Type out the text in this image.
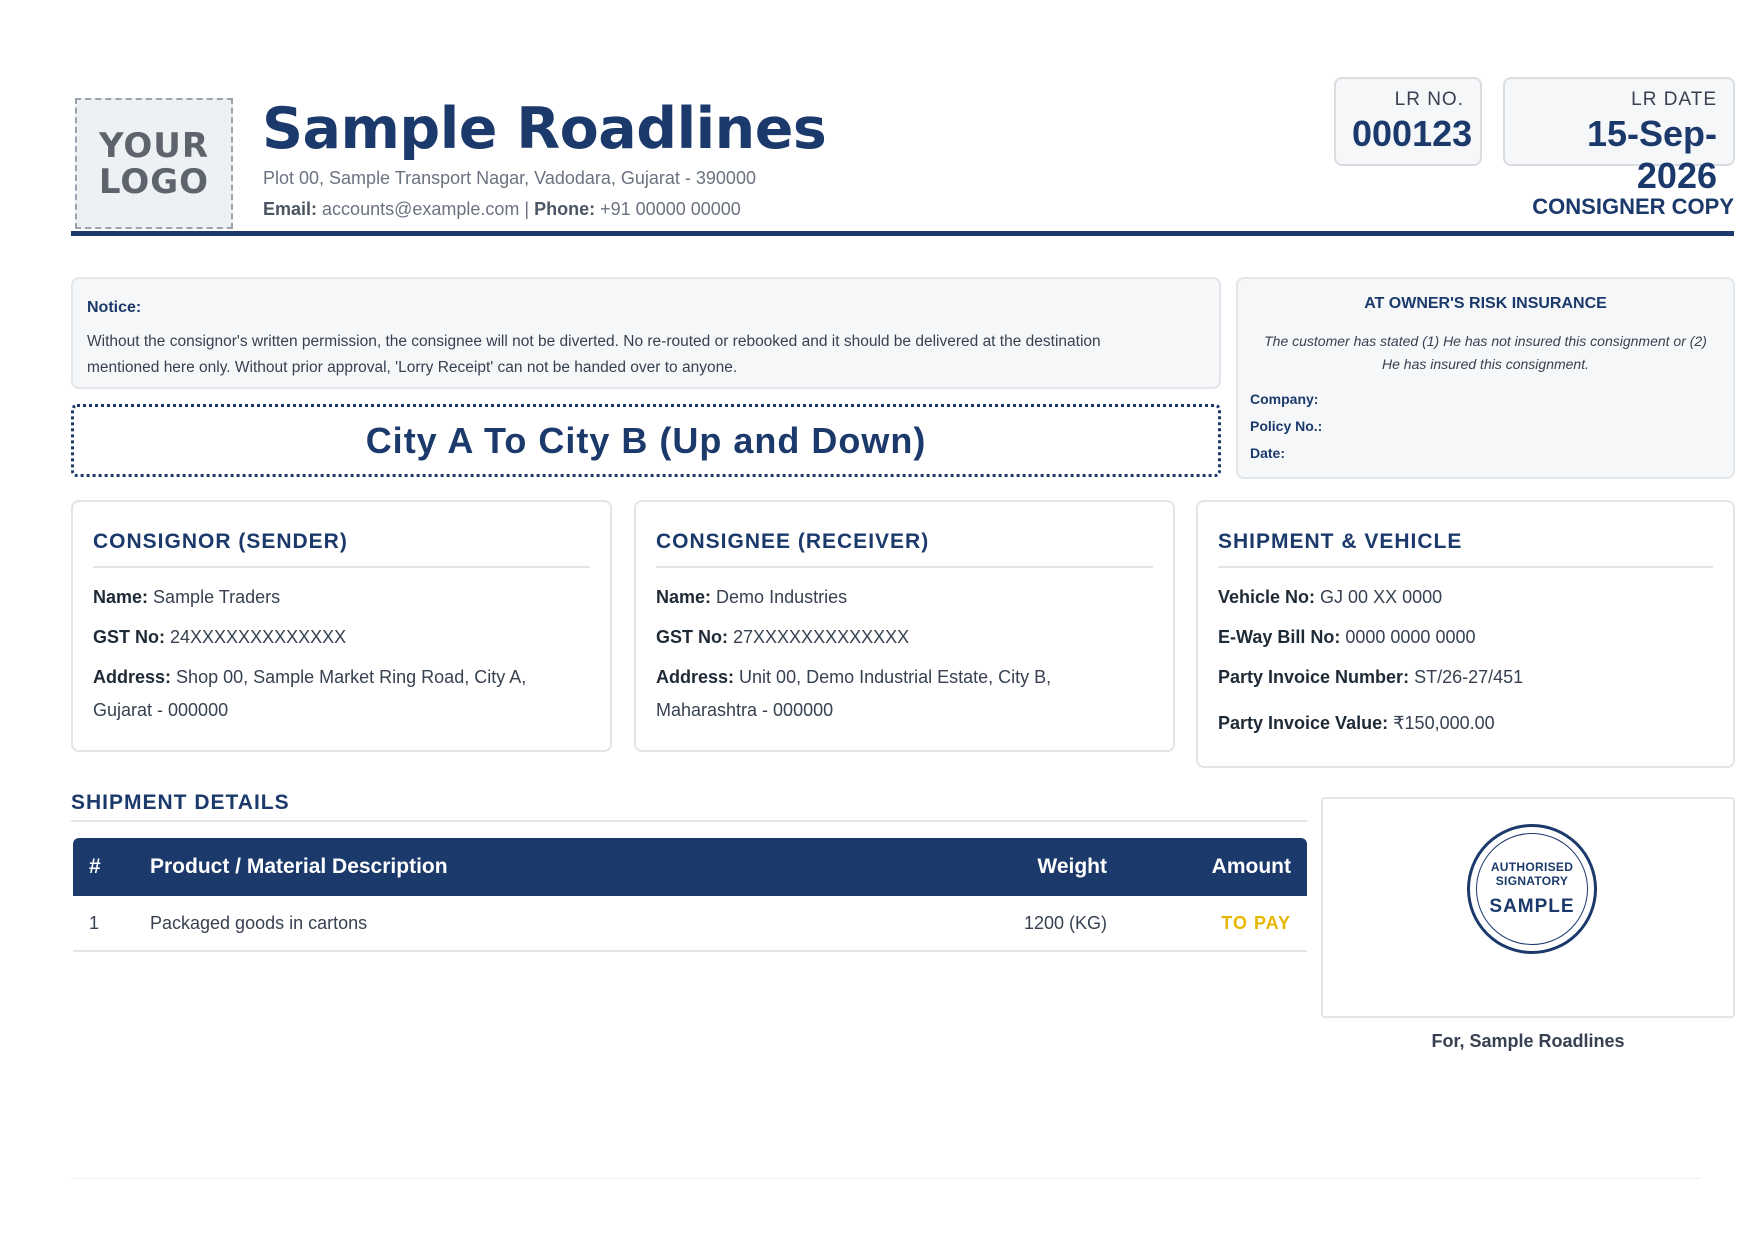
YOUR
LOGO
Sample Roadlines
Plot 00, Sample Transport Nagar, Vadodara, Gujarat - 390000
Email: accounts@example.com | Phone: +91 00000 00000
LR NO.
000123
LR DATE
15-Sep-2026
CONSIGNER COPY
Notice:
Without the consignor's written permission, the consignee will not be diverted. No re-routed or rebooked and it should be delivered at the destination
mentioned here only. Without prior approval, 'Lorry Receipt' can not be handed over to anyone.
City A To City B (Up and Down)
AT OWNER'S RISK INSURANCE
The customer has stated (1) He has not insured this consignment or (2)
He has insured this consignment.
Company:
Policy No.:
Date:
CONSIGNOR (SENDER)
Name: Sample Traders
GST No: 24XXXXXXXXXXXXX
Address: Shop 00, Sample Market Ring Road, City A,
Gujarat - 000000
CONSIGNEE (RECEIVER)
Name: Demo Industries
GST No: 27XXXXXXXXXXXXX
Address: Unit 00, Demo Industrial Estate, City B,
Maharashtra - 000000
SHIPMENT & VEHICLE
Vehicle No: GJ 00 XX 0000
E-Way Bill No: 0000 0000 0000
Party Invoice Number: ST/26-27/451
Party Invoice Value: ₹150,000.00
SHIPMENT DETAILS
# Product / Material Description	Weight	Amount
1	Packaged goods in cartons	1200 (KG)	TO PAY
AUTHORISED
SIGNATORY
SAMPLE
For, Sample Roadlines
